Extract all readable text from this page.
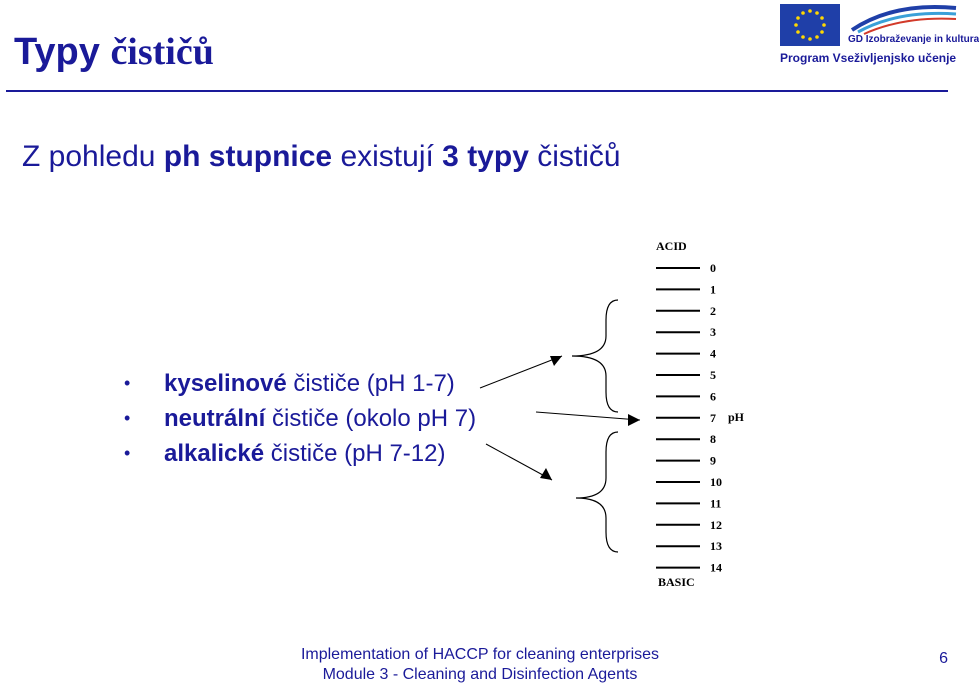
Typy čističů	GD Izobraževanje in kultura
Program Vseživljenjsko učenje
Z pohledu ph stupnice existují 3 typy čističů
• kyselinové čističe (pH 1-7)
• neutrální čističe (okolo pH 7)
• alkalické čističe (pH 7-12)
ACID
BASIC
pH
0
1
2
3
4
5
6
7
8
9
10
11
12
13
14
Implementation of HACCP for cleaning enterprises
Module 3 - Cleaning and Disinfection Agents
6
